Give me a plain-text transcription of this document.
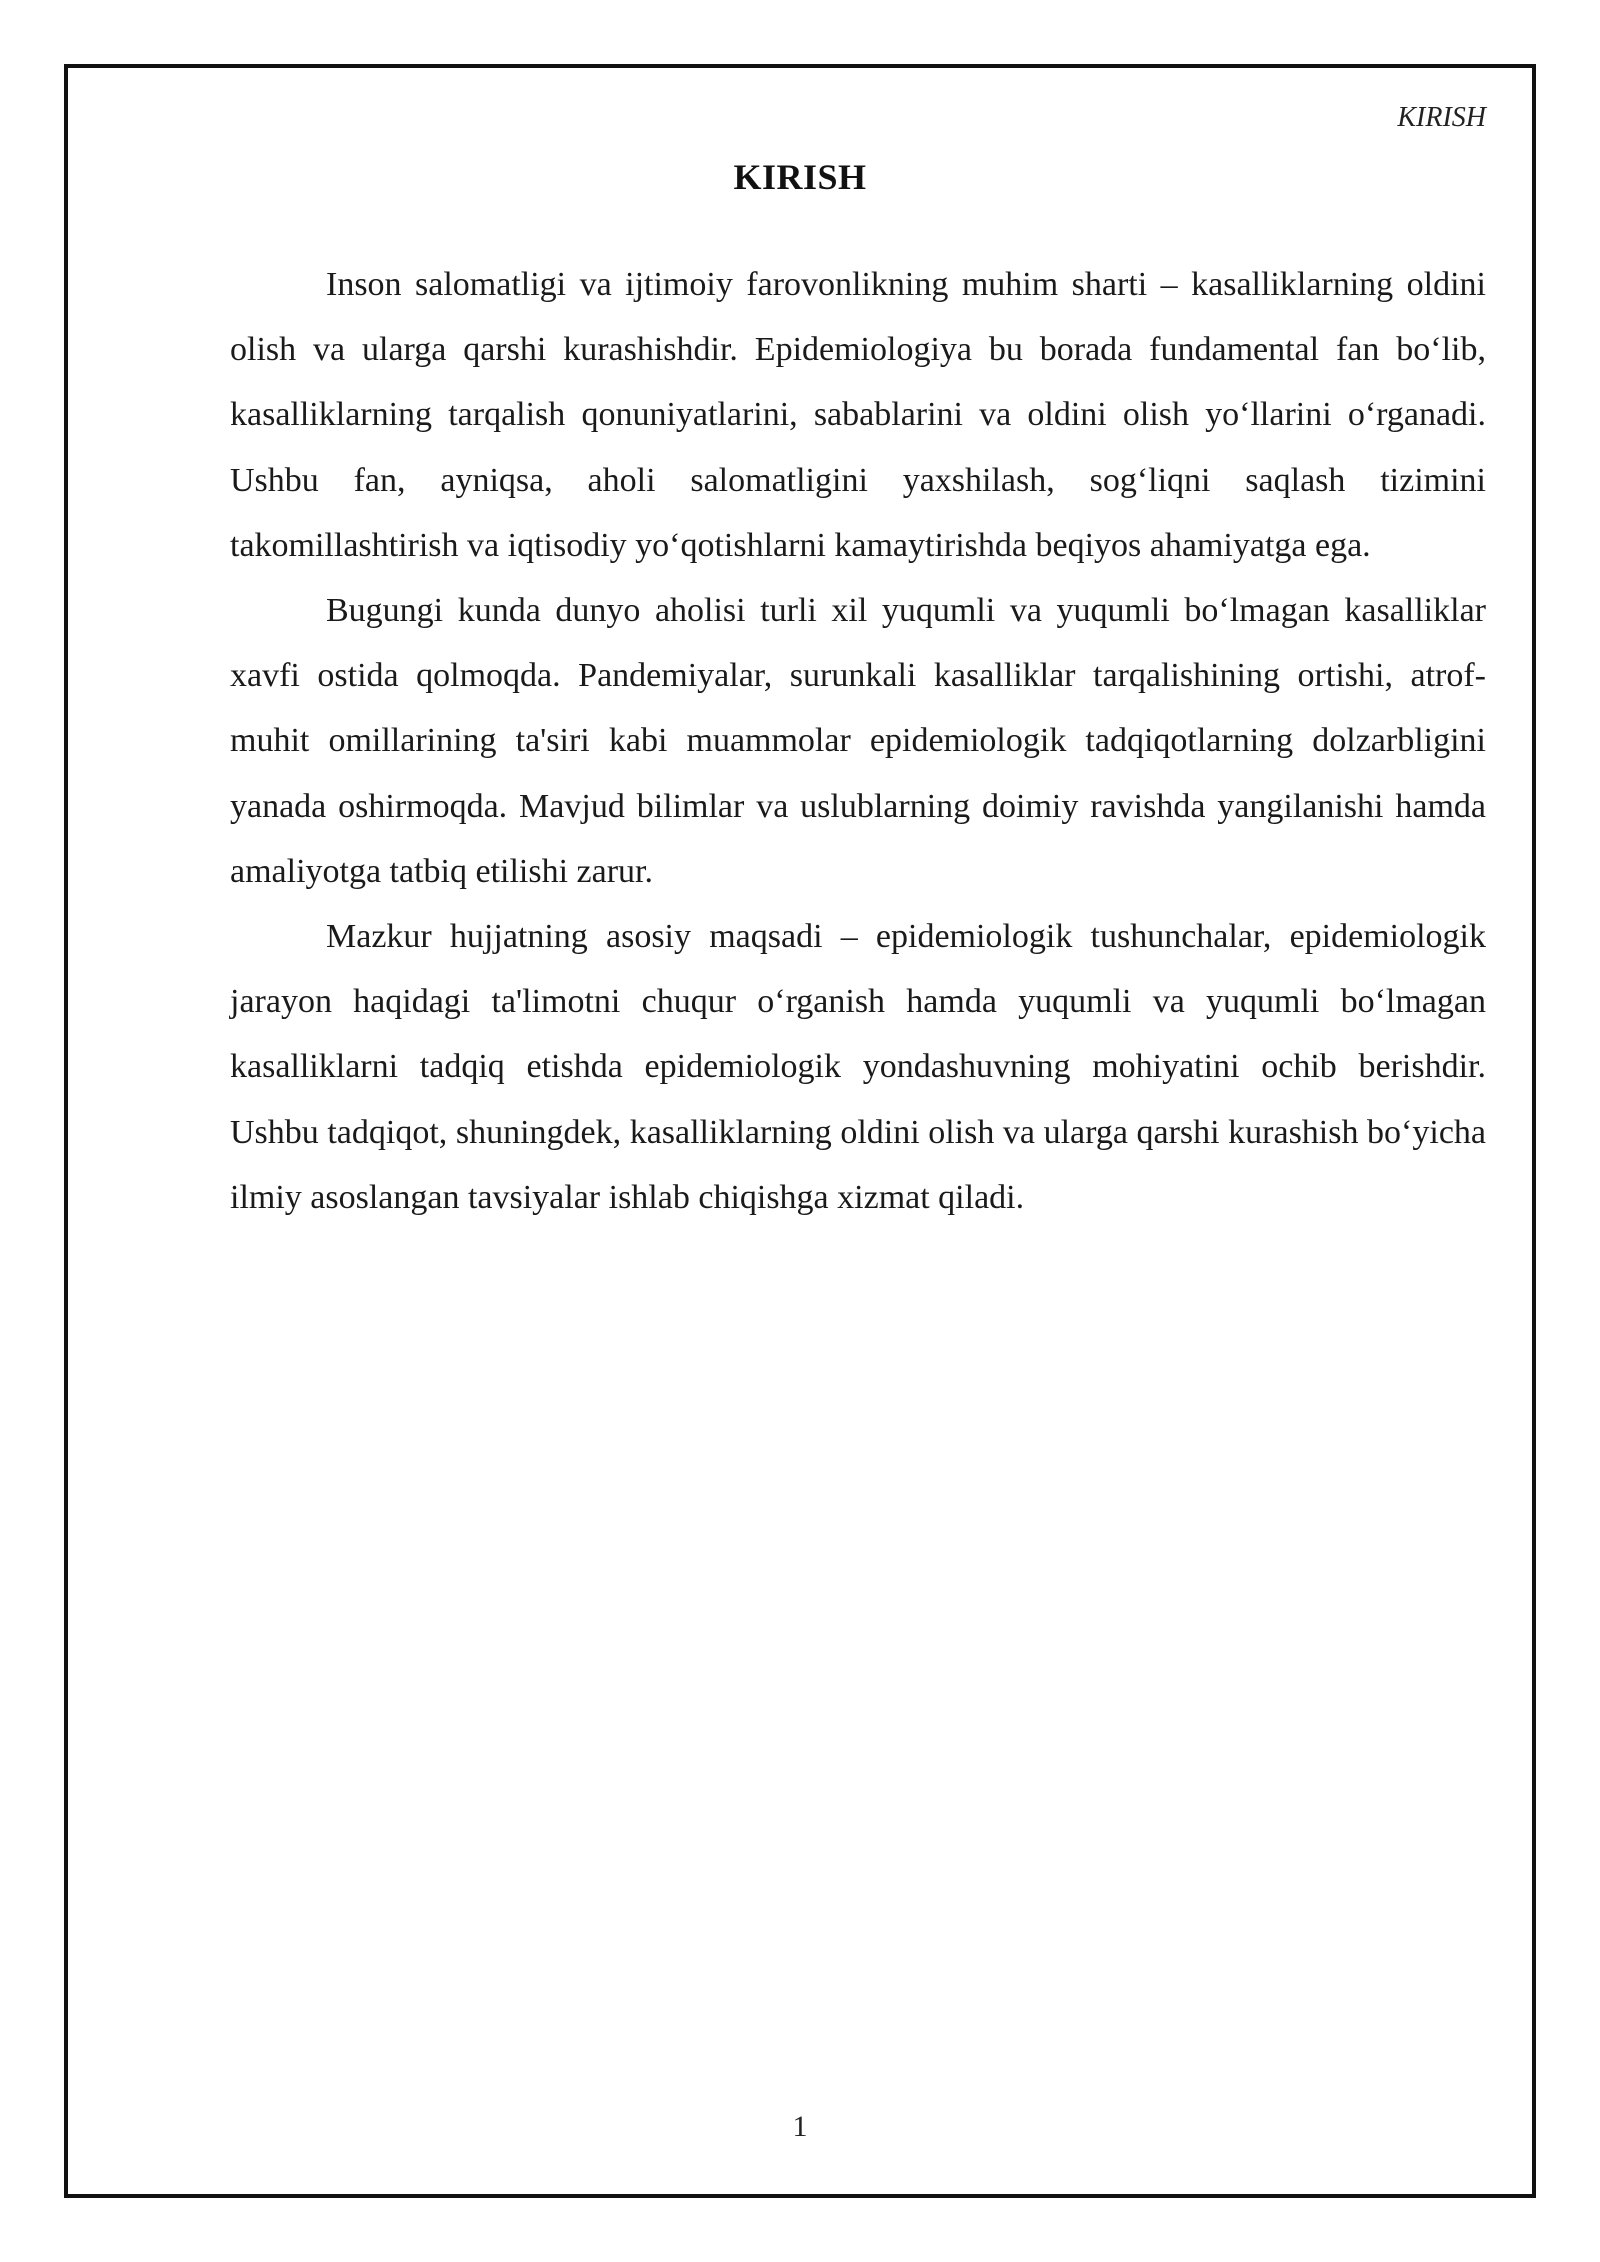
KIRISH
KIRISH

Inson salomatligi va ijtimoiy farovonlikning muhim sharti – kasalliklarning oldini olish va ularga qarshi kurashishdir. Epidemiologiya bu borada fundamental fan bo‘lib, kasalliklarning tarqalish qonuniyatlarini, sabablarini va oldini olish yo‘llarini o‘rganadi. Ushbu fan, ayniqsa, aholi salomatligini yaxshilash, sog‘liqni saqlash tizimini takomillashtirish va iqtisodiy yo‘qotishlarni kamaytirishda beqiyos ahamiyatga ega.

Bugungi kunda dunyo aholisi turli xil yuqumli va yuqumli bo‘lmagan kasalliklar xavfi ostida qolmoqda. Pandemiyalar, surunkali kasalliklar tarqalishining ortishi, atrof-muhit omillarining ta'siri kabi muammolar epidemiologik tadqiqotlarning dolzarbligini yanada oshirmoqda. Mavjud bilimlar va uslublarning doimiy ravishda yangilanishi hamda amaliyotga tatbiq etilishi zarur.

Mazkur hujjatning asosiy maqsadi – epidemiologik tushunchalar, epidemiologik jarayon haqidagi ta'limotni chuqur o‘rganish hamda yuqumli va yuqumli bo‘lmagan kasalliklarni tadqiq etishda epidemiologik yondashuvning mohiyatini ochib berishdir. Ushbu tadqiqot, shuningdek, kasalliklarning oldini olish va ularga qarshi kurashish bo‘yicha ilmiy asoslangan tavsiyalar ishlab chiqishga xizmat qiladi.

1
